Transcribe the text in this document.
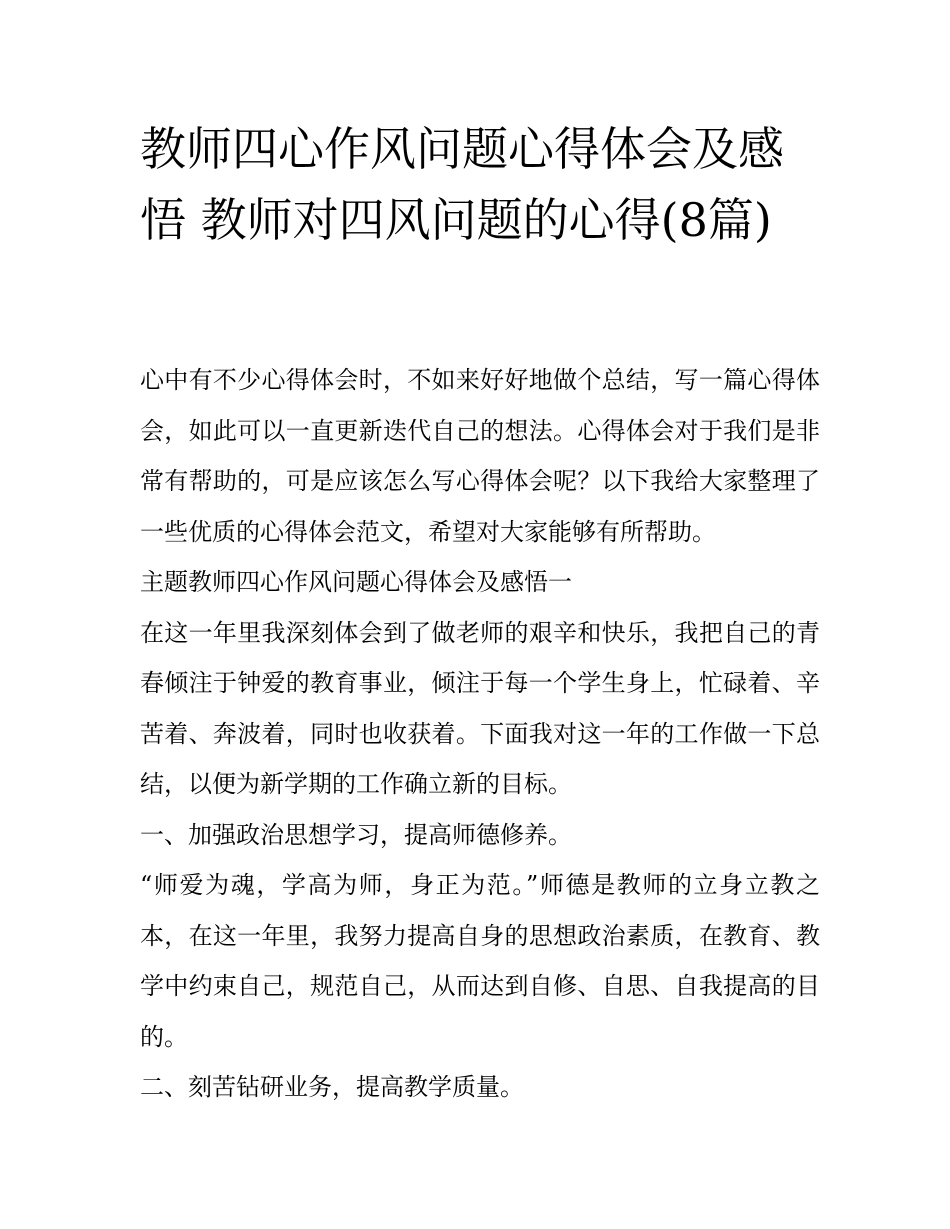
教师四心作风问题心得体会及感悟 教师对四风问题的心得(8篇)

心中有不少心得体会时，不如来好好地做个总结，写一篇心得体会，如此可以一直更新迭代自己的想法。心得体会对于我们是非常有帮助的，可是应该怎么写心得体会呢？以下我给大家整理了一些优质的心得体会范文，希望对大家能够有所帮助。

主题教师四心作风问题心得体会及感悟一

在这一年里我深刻体会到了做老师的艰辛和快乐，我把自己的青春倾注于钟爱的教育事业，倾注于每一个学生身上，忙碌着、辛苦着、奔波着，同时也收获着。下面我对这一年的工作做一下总结，以便为新学期的工作确立新的目标。

一、加强政治思想学习，提高师德修养。

“师爱为魂，学高为师，身正为范。”师德是教师的立身立教之本，在这一年里，我努力提高自身的思想政治素质，在教育、教学中约束自己，规范自己，从而达到自修、自思、自我提高的目的。

二、刻苦钻研业务，提高教学质量。
